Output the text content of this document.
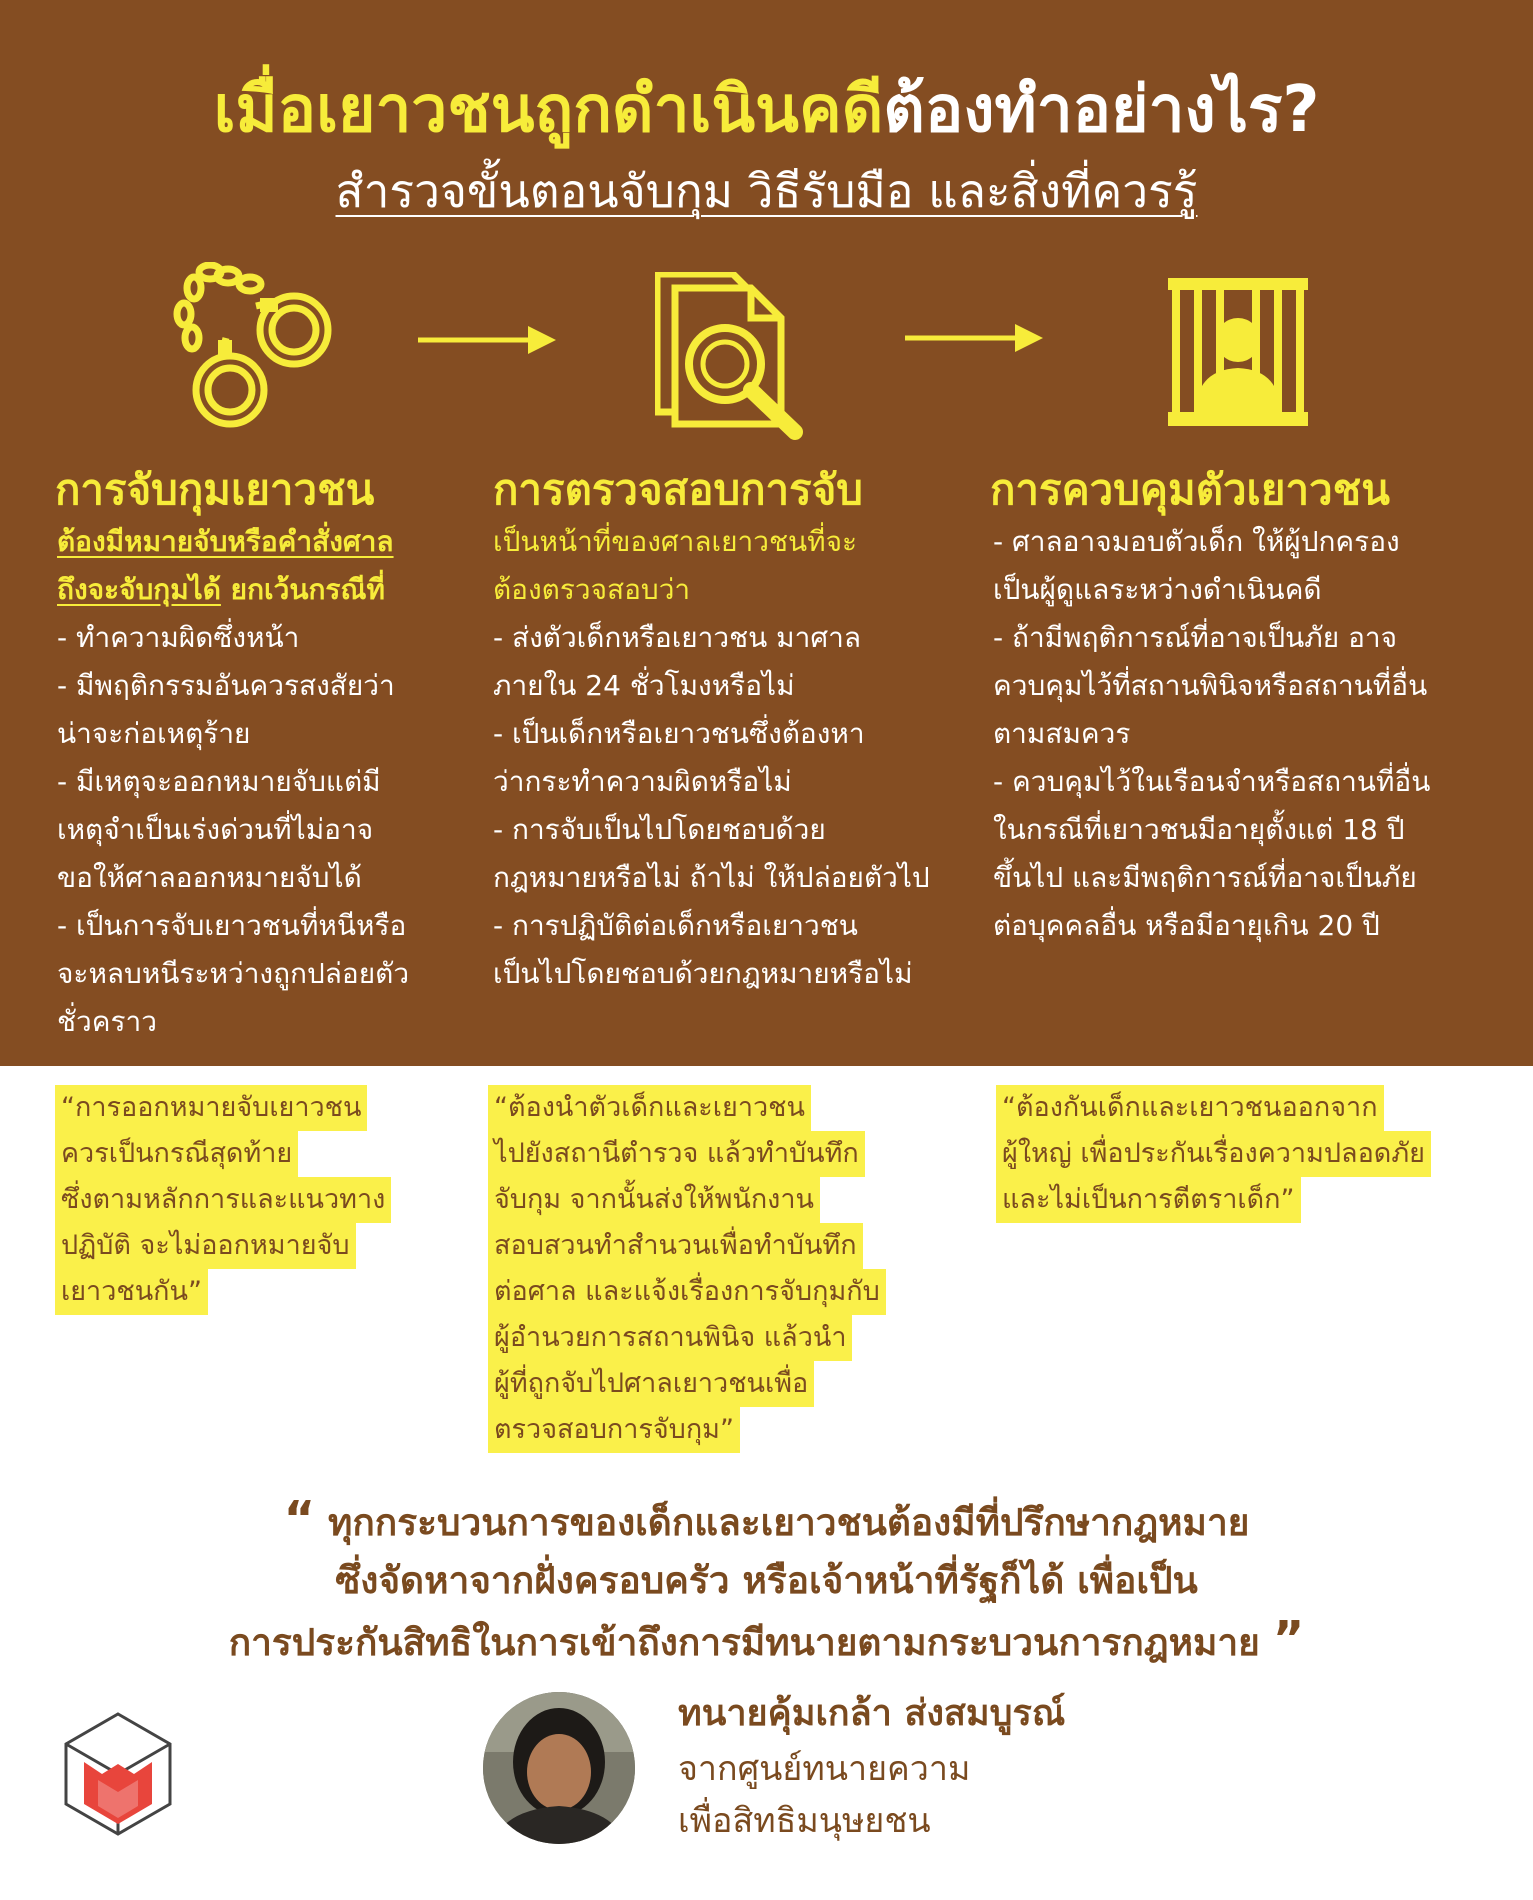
เมื่อเยาวชนถูกดำเนินคดีต้องทำอย่างไร?
สำรวจขั้นตอนจับกุม วิธีรับมือ และสิ่งที่ควรรู้
การจับกุมเยาวชน
ต้องมีหมายจับหรือคำสั่งศาล
ถึงจะจับกุมได้ ยกเว้นกรณีที่
- ทำความผิดซึ่งหน้า
- มีพฤติกรรมอันควรสงสัยว่า
น่าจะก่อเหตุร้าย
- มีเหตุจะออกหมายจับแต่มี
เหตุจำเป็นเร่งด่วนที่ไม่อาจ
ขอให้ศาลออกหมายจับได้
- เป็นการจับเยาวชนที่หนีหรือ
จะหลบหนีระหว่างถูกปล่อยตัว
ชั่วคราว
การตรวจสอบการจับ
เป็นหน้าที่ของศาลเยาวชนที่จะ
ต้องตรวจสอบว่า
- ส่งตัวเด็กหรือเยาวชน มาศาล
ภายใน 24 ชั่วโมงหรือไม่
- เป็นเด็กหรือเยาวชนซึ่งต้องหา
ว่ากระทำความผิดหรือไม่
- การจับเป็นไปโดยชอบด้วย
กฎหมายหรือไม่ ถ้าไม่ ให้ปล่อยตัวไป
- การปฏิบัติต่อเด็กหรือเยาวชน
เป็นไปโดยชอบด้วยกฎหมายหรือไม่
การควบคุมตัวเยาวชน
- ศาลอาจมอบตัวเด็ก ให้ผู้ปกครอง
เป็นผู้ดูแลระหว่างดำเนินคดี
- ถ้ามีพฤติการณ์ที่อาจเป็นภัย อาจ
ควบคุมไว้ที่สถานพินิจหรือสถานที่อื่น
ตามสมควร
- ควบคุมไว้ในเรือนจำหรือสถานที่อื่น
ในกรณีที่เยาวชนมีอายุตั้งแต่ 18 ปี
ขึ้นไป และมีพฤติการณ์ที่อาจเป็นภัย
ต่อบุคคลอื่น หรือมีอายุเกิน 20 ปี
“การออกหมายจับเยาวชน
ควรเป็นกรณีสุดท้าย
ซึ่งตามหลักการและแนวทาง
ปฏิบัติ จะไม่ออกหมายจับ
เยาวชนกัน”
“ต้องนำตัวเด็กและเยาวชน
ไปยังสถานีตำรวจ แล้วทำบันทึก
จับกุม จากนั้นส่งให้พนักงาน
สอบสวนทำสำนวนเพื่อทำบันทึก
ต่อศาล และแจ้งเรื่องการจับกุมกับ
ผู้อำนวยการสถานพินิจ แล้วนำ
ผู้ที่ถูกจับไปศาลเยาวชนเพื่อ
ตรวจสอบการจับกุม”
“ต้องกันเด็กและเยาวชนออกจาก
ผู้ใหญ่ เพื่อประกันเรื่องความปลอดภัย
และไม่เป็นการตีตราเด็ก”
“ ทุกกระบวนการของเด็กและเยาวชนต้องมีที่ปรึกษากฎหมาย
ซึ่งจัดหาจากฝั่งครอบครัว หรือเจ้าหน้าที่รัฐก็ได้ เพื่อเป็น
การประกันสิทธิในการเข้าถึงการมีทนายตามกระบวนการกฎหมาย ”
ทนายคุ้มเกล้า ส่งสมบูรณ์
จากศูนย์ทนายความ
เพื่อสิทธิมนุษยชน
